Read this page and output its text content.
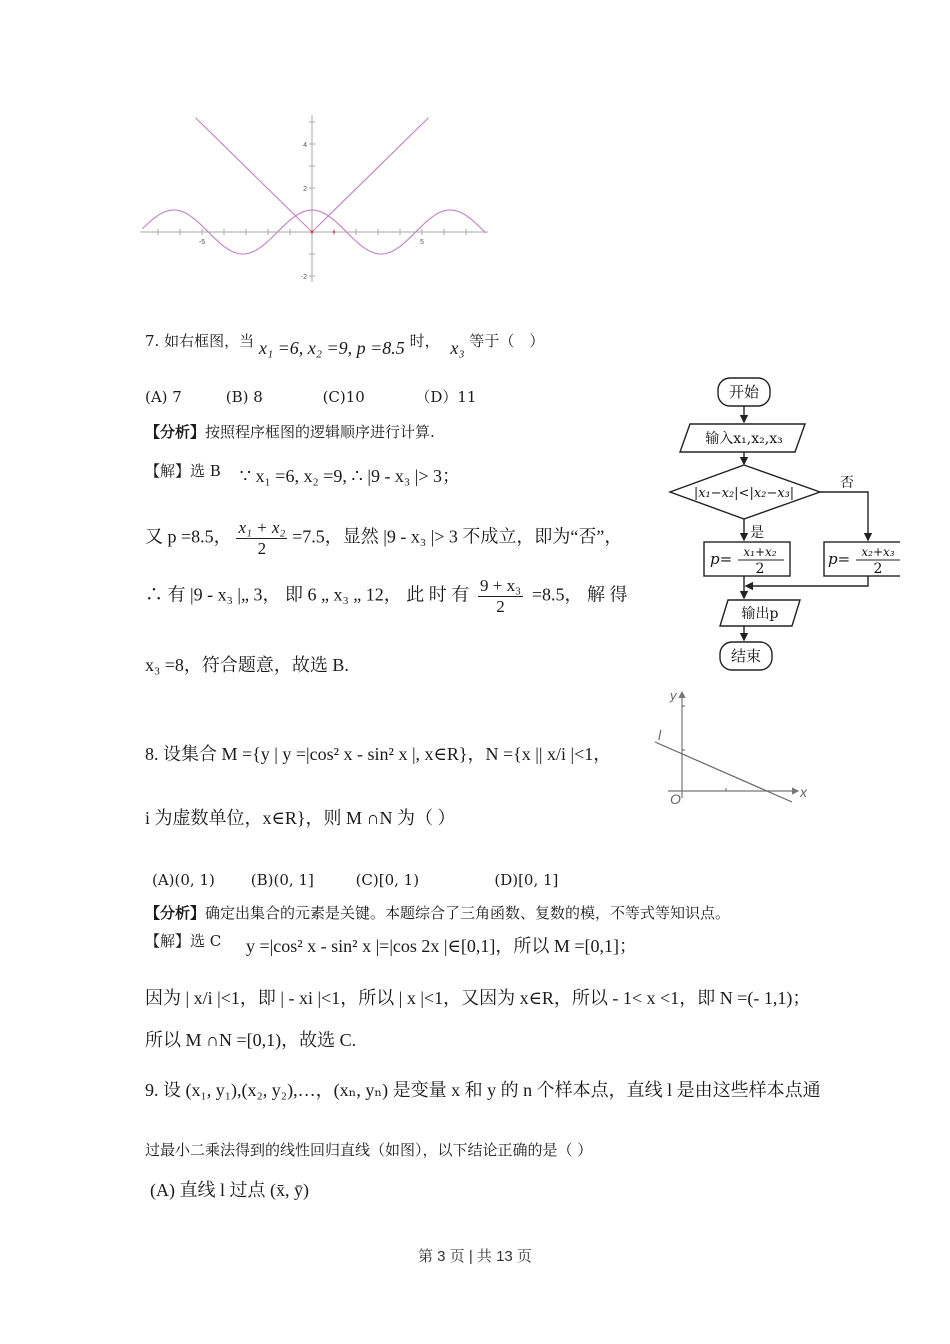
-5	5
4
2
-2
7. 如右框图，当 x₁ =6, x₂ =9, p =8.5 时， x₃ 等于（　）
(A) 7	(B) 8	(C)10	（D）11
【分析】按照程序框图的逻辑顺序进行计算.
【解】选 B ∵ x₁ =6, x₂ =9, ∴ |9 - x₃ |> 3；
又 p =8.5， $\frac{\text{x₁ + x₂}}{2} =7.5$，显然 |9 - x₃ |> 3 不成立，即为“否”，
∴ 有 |9 - x₃ |„ 3， 即 6 „ x₃ „ 12， 此 时 有 $\frac{\text{9 + x₃}}{2} =8.5$， 解 得
x₃ =8，符合题意，故选 B.
开始
输入x₁,x₂,x₃
|x₁−x₂|<|x₂−x₃|
否
是
p= x₁+x₂
2
p= x₂+x₃
2
输出p
结束
y
x
O
l
8. 设集合 M ={y | y =|cos² x - sin² x |, x∈R}，N ={x || x/i |<1，
i 为虚数单位，x∈R}，则 M ∩N 为（ ）
(A)(0, 1) (B)(0, 1]	(C)[0, 1)	(D)[0, 1]
【分析】确定出集合的元素是关键。本题综合了三角函数、复数的模，不等式等知识点。
【解】选 C y =|cos² x - sin² x |=|cos 2x |∈[0,1]，所以 M =[0,1]；
因为 | x/i |<1，即 | - xi |<1，所以 | x |<1，又因为 x∈R，所以 - 1< x <1，即 N =(- 1,1)；
所以 M ∩N =[0,1)，故选 C.
9. 设 (x₁, y₁),(x₂, y₂),…，(xₙ, yₙ) 是变量 x 和 y 的 n 个样本点，直线 l 是由这些样本点通
过最小二乘法得到的线性回归直线（如图），以下结论正确的是（ ）
(A) 直线 l 过点 (x̄, ȳ)
第 3 页 | 共 13 页
